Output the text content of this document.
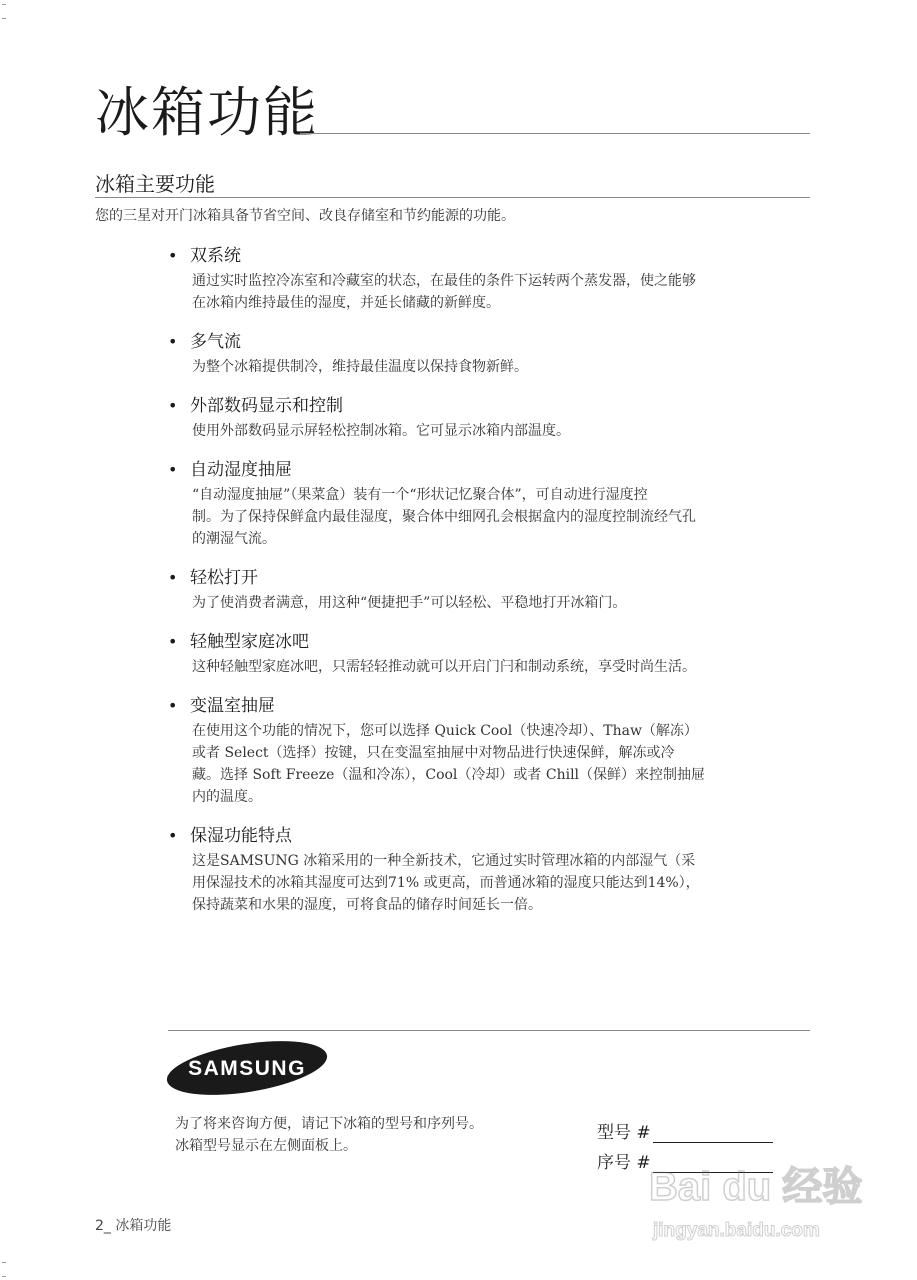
冰箱功能
冰箱主要功能

您的三星对开门冰箱具备节省空间、改良存储室和节约能源的功能。

• 双系统
通过实时监控冷冻室和冷藏室的状态，在最佳的条件下运转两个蒸发器，使之能够
在冰箱内维持最佳的湿度，并延长储藏的新鲜度。
• 多气流
为整个冰箱提供制冷，维持最佳温度以保持食物新鲜。
• 外部数码显示和控制
使用外部数码显示屏轻松控制冰箱。它可显示冰箱内部温度。
• 自动湿度抽屉
“自动湿度抽屉”（果菜盒）装有一个“形状记忆聚合体”，可自动进行湿度控
制。为了保持保鲜盒内最佳湿度，聚合体中细网孔会根据盒内的湿度控制流经气孔
的潮湿气流。
• 轻松打开
为了使消费者满意，用这种“便捷把手”可以轻松、平稳地打开冰箱门。
• 轻触型家庭冰吧
这种轻触型家庭冰吧，只需轻轻推动就可以开启门闩和制动系统，享受时尚生活。
• 变温室抽屉
在使用这个功能的情况下，您可以选择 Quick Cool（快速冷却）、Thaw（解冻）
或者 Select（选择）按键，只在变温室抽屉中对物品进行快速保鲜，解冻或冷
藏。选择 Soft Freeze（温和冷冻），Cool（冷却）或者 Chill（保鲜）来控制抽屉
内的温度。
• 保湿功能特点
这是SAMSUNG 冰箱采用的一种全新技术，它通过实时管理冰箱的内部湿气（采
用保湿技术的冰箱其湿度可达到71% 或更高，而普通冰箱的湿度只能达到14%），
保持蔬菜和水果的湿度，可将食品的储存时间延长一倍。
SAMSUNG
为了将来咨询方便，请记下冰箱的型号和序列号。
冰箱型号显示在左侧面板上。
型号 #
序号 #
2_ 冰箱功能
Bai du 经验
jingyan.baidu.com
